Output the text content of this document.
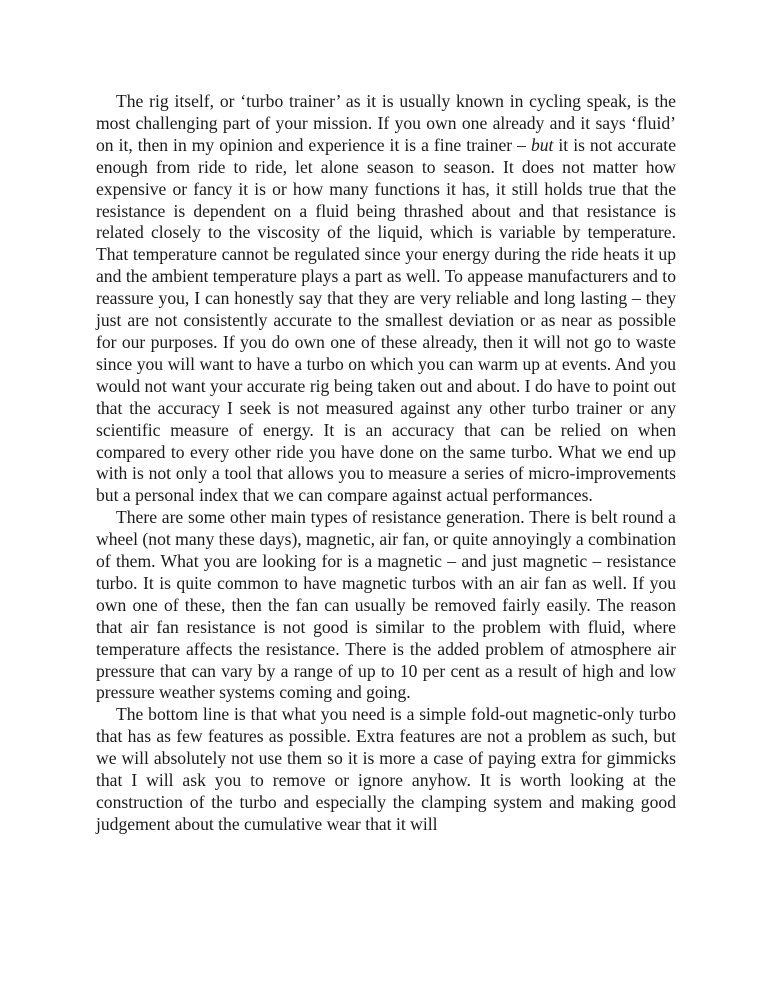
The rig itself, or ‘turbo trainer’ as it is usually known in cycling speak, is the most challenging part of your mission. If you own one already and it says ‘fluid’ on it, then in my opinion and experience it is a fine trainer – but it is not accurate enough from ride to ride, let alone season to season. It does not matter how expensive or fancy it is or how many functions it has, it still holds true that the resistance is dependent on a fluid being thrashed about and that resistance is related closely to the viscosity of the liquid, which is variable by temperature. That temperature cannot be regulated since your energy during the ride heats it up and the ambient temperature plays a part as well. To appease manufacturers and to reassure you, I can honestly say that they are very reliable and long lasting – they just are not consistently accurate to the smallest deviation or as near as possible for our purposes. If you do own one of these already, then it will not go to waste since you will want to have a turbo on which you can warm up at events. And you would not want your accurate rig being taken out and about. I do have to point out that the accuracy I seek is not measured against any other turbo trainer or any scientific measure of energy. It is an accuracy that can be relied on when compared to every other ride you have done on the same turbo. What we end up with is not only a tool that allows you to measure a series of micro-improvements but a personal index that we can compare against actual performances.

There are some other main types of resistance generation. There is belt round a wheel (not many these days), magnetic, air fan, or quite annoyingly a combination of them. What you are looking for is a magnetic – and just magnetic – resistance turbo. It is quite common to have magnetic turbos with an air fan as well. If you own one of these, then the fan can usually be removed fairly easily. The reason that air fan resistance is not good is similar to the problem with fluid, where temperature affects the resistance. There is the added problem of atmosphere air pressure that can vary by a range of up to 10 per cent as a result of high and low pressure weather systems coming and going.

The bottom line is that what you need is a simple fold-out magnetic-only turbo that has as few features as possible. Extra features are not a problem as such, but we will absolutely not use them so it is more a case of paying extra for gimmicks that I will ask you to remove or ignore anyhow. It is worth looking at the construction of the turbo and especially the clamping system and making good judgement about the cumulative wear that it will
